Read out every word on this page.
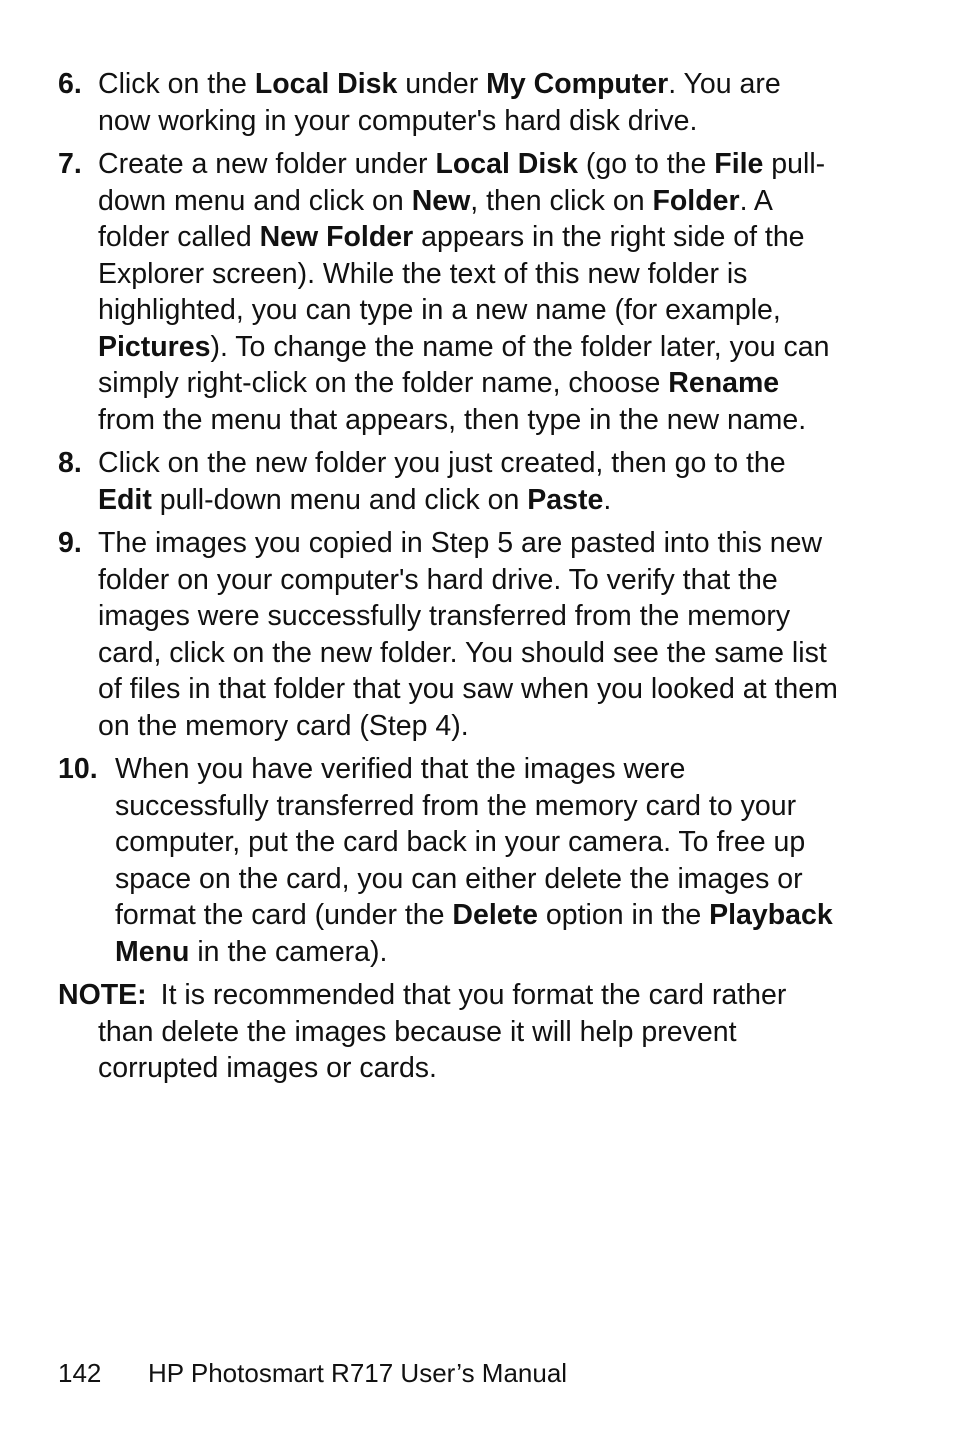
6. Click on the Local Disk under My Computer. You are now working in your computer's hard disk drive.
7. Create a new folder under Local Disk (go to the File pull-down menu and click on New, then click on Folder. A folder called New Folder appears in the right side of the Explorer screen). While the text of this new folder is highlighted, you can type in a new name (for example, Pictures). To change the name of the folder later, you can simply right-click on the folder name, choose Rename from the menu that appears, then type in the new name.
8. Click on the new folder you just created, then go to the Edit pull-down menu and click on Paste.
9. The images you copied in Step 5 are pasted into this new folder on your computer's hard drive. To verify that the images were successfully transferred from the memory card, click on the new folder. You should see the same list of files in that folder that you saw when you looked at them on the memory card (Step 4).
10. When you have verified that the images were successfully transferred from the memory card to your computer, put the card back in your camera. To free up space on the card, you can either delete the images or format the card (under the Delete option in the Playback Menu in the camera).
NOTE: It is recommended that you format the card rather than delete the images because it will help prevent corrupted images or cards.
142 HP Photosmart R717 User’s Manual
